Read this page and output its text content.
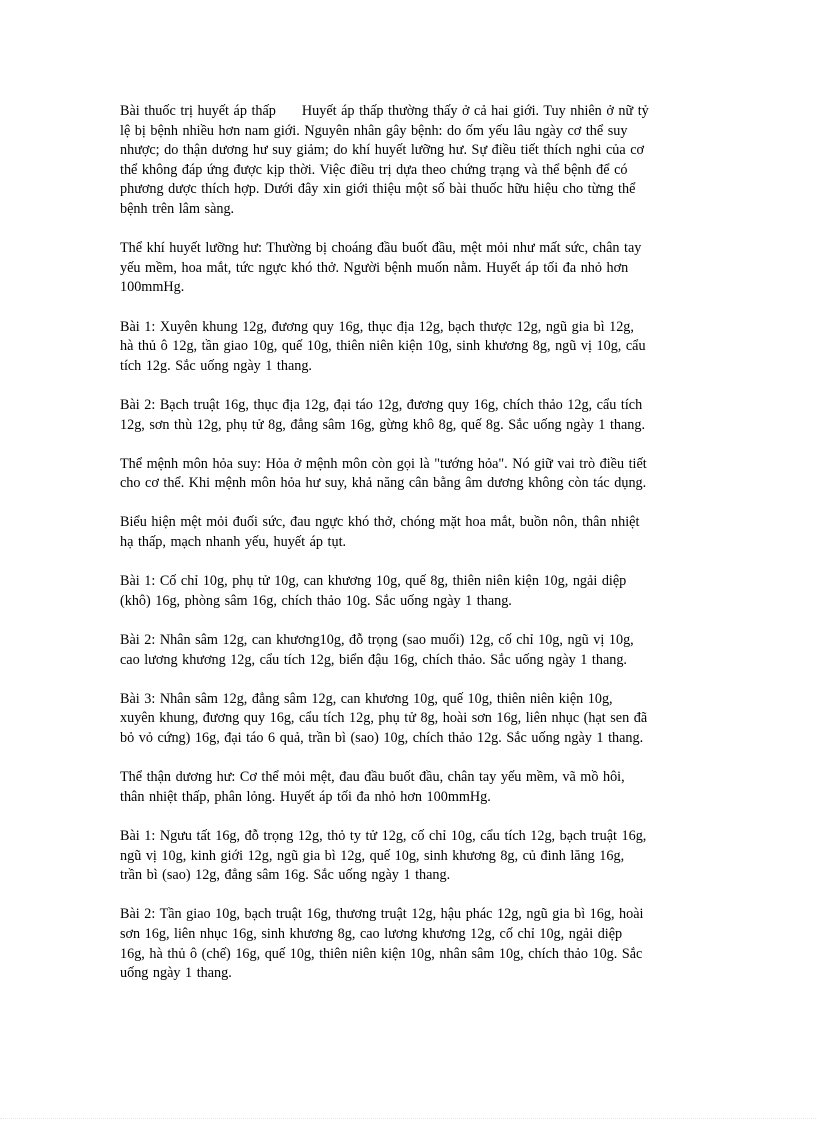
Bài thuốc trị huyết áp thấp Huyết áp thấp thường thấy ở cả hai giới. Tuy nhiên ở nữ tỷ
lệ bị bệnh nhiều hơn nam giới. Nguyên nhân gây bệnh: do ốm yếu lâu ngày cơ thể suy
nhược; do thận dương hư suy giảm; do khí huyết lưỡng hư. Sự điều tiết thích nghi của cơ
thể không đáp ứng được kịp thời. Việc điều trị dựa theo chứng trạng và thể bệnh để có
phương dược thích hợp. Dưới đây xin giới thiệu một số bài thuốc hữu hiệu cho từng thể
bệnh trên lâm sàng.

Thể khí huyết lưỡng hư: Thường bị choáng đầu buốt đầu, mệt mỏi như mất sức, chân tay
yếu mềm, hoa mắt, tức ngực khó thở. Người bệnh muốn nằm. Huyết áp tối đa nhỏ hơn
100mmHg.

Bài 1: Xuyên khung 12g, đương quy 16g, thục địa 12g, bạch thược 12g, ngũ gia bì 12g,
hà thủ ô 12g, tần giao 10g, quế 10g, thiên niên kiện 10g, sinh khương 8g, ngũ vị 10g, cẩu
tích 12g. Sắc uống ngày 1 thang.

Bài 2: Bạch truật 16g, thục địa 12g, đại táo 12g, đương quy 16g, chích thảo 12g, cẩu tích
12g, sơn thù 12g, phụ tử 8g, đẳng sâm 16g, gừng khô 8g, quế 8g. Sắc uống ngày 1 thang.

Thể mệnh môn hỏa suy: Hỏa ở mệnh môn còn gọi là "tướng hỏa". Nó giữ vai trò điều tiết
cho cơ thể. Khi mệnh môn hỏa hư suy, khả năng cân bằng âm dương không còn tác dụng.

Biểu hiện mệt mỏi đuối sức, đau ngực khó thở, chóng mặt hoa mắt, buồn nôn, thân nhiệt
hạ thấp, mạch nhanh yếu, huyết áp tụt.

Bài 1: Cố chỉ 10g, phụ tử 10g, can khương 10g, quế 8g, thiên niên kiện 10g, ngải diệp
(khô) 16g, phòng sâm 16g, chích thảo 10g. Sắc uống ngày 1 thang.

Bài 2: Nhân sâm 12g, can khương10g, đỗ trọng (sao muối) 12g, cố chỉ 10g, ngũ vị 10g,
cao lương khương 12g, cẩu tích 12g, biển đậu 16g, chích thảo. Sắc uống ngày 1 thang.

Bài 3: Nhân sâm 12g, đẳng sâm 12g, can khương 10g, quế 10g, thiên niên kiện 10g,
xuyên khung, đương quy 16g, cẩu tích 12g, phụ tử 8g, hoài sơn 16g, liên nhục (hạt sen đã
bỏ vỏ cứng) 16g, đại táo 6 quả, trần bì (sao) 10g, chích thảo 12g. Sắc uống ngày 1 thang.

Thể thận dương hư: Cơ thể mỏi mệt, đau đầu buốt đầu, chân tay yếu mềm, vã mồ hôi,
thân nhiệt thấp, phân lỏng. Huyết áp tối đa nhỏ hơn 100mmHg.

Bài 1: Ngưu tất 16g, đỗ trọng 12g, thỏ ty tử 12g, cố chỉ 10g, cẩu tích 12g, bạch truật 16g,
ngũ vị 10g, kinh giới 12g, ngũ gia bì 12g, quế 10g, sinh khương 8g, củ đinh lăng 16g,
trần bì (sao) 12g, đẳng sâm 16g. Sắc uống ngày 1 thang.

Bài 2: Tần giao 10g, bạch truật 16g, thương truật 12g, hậu phác 12g, ngũ gia bì 16g, hoài
sơn 16g, liên nhục 16g, sinh khương 8g, cao lương khương 12g, cố chỉ 10g, ngải diệp
16g, hà thủ ô (chế) 16g, quế 10g, thiên niên kiện 10g, nhân sâm 10g, chích thảo 10g. Sắc
uống ngày 1 thang.
